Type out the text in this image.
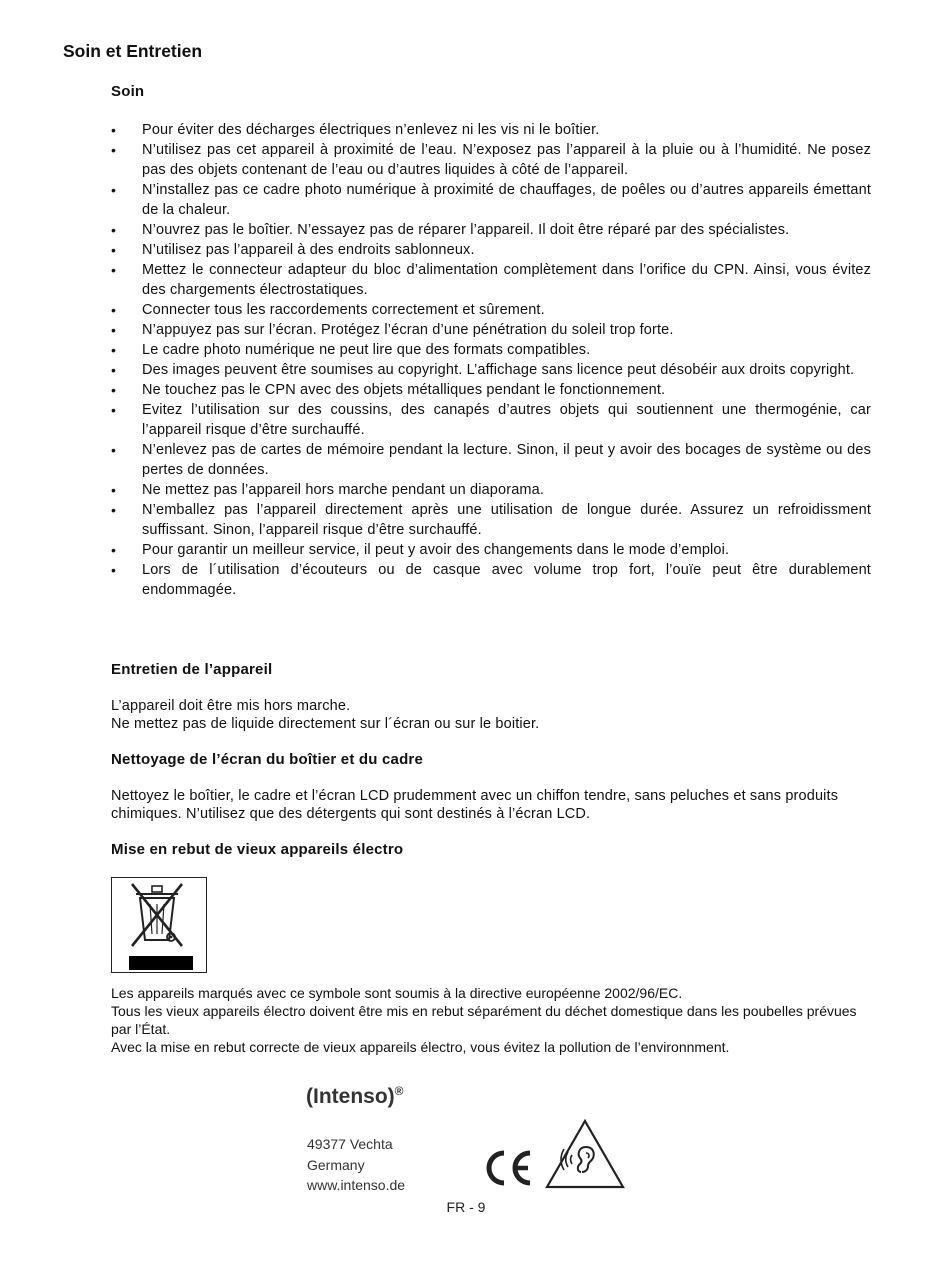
Soin et Entretien
Soin
• Pour éviter des décharges électriques n’enlevez ni les vis ni le boîtier.
• N’utilisez pas cet appareil à proximité de l’eau. N’exposez pas l’appareil à la pluie ou à l’humidité. Ne posez pas des objets contenant de l’eau ou d’autres liquides à côté de l’appareil.
• N’installez pas ce cadre photo numérique à proximité de chauffages, de poêles ou d’autres appareils émettant de la chaleur.
• N’ouvrez pas le boîtier. N’essayez pas de réparer l’appareil. Il doit être réparé par des spécialistes.
• N’utilisez pas l’appareil à des endroits sablonneux.
• Mettez le connecteur adapteur du bloc d’alimentation complètement dans l’orifice du CPN. Ainsi, vous évitez des chargements électrostatiques.
• Connecter tous les raccordements correctement et sûrement.
• N’appuyez pas sur l’écran. Protégez l’écran d’une pénétration du soleil trop forte.
• Le cadre photo numérique ne peut lire que des formats compatibles.
• Des images peuvent être soumises au copyright. L’affichage sans licence peut désobéir aux droits copyright.
• Ne touchez pas le CPN avec des objets métalliques pendant le fonctionnement.
• Evitez l’utilisation sur des coussins, des canapés d’autres objets qui soutiennent une thermogénie, car l’appareil risque d’être surchauffé.
• N’enlevez pas de cartes de mémoire pendant la lecture. Sinon, il peut y avoir des bocages de système ou des pertes de données.
• Ne mettez pas l’appareil hors marche pendant un diaporama.
• N’emballez pas l’appareil directement après une utilisation de longue durée. Assurez un refroidissment suffissant. Sinon, l’appareil risque d’être surchauffé.
• Pour garantir un meilleur service, il peut y avoir des changements dans le mode d’emploi.
• Lors de l´utilisation d’écouteurs ou de casque avec volume trop fort, l’ouïe peut être durablement endommagée.
Entretien de l’appareil

L’appareil doit être mis hors marche.

Ne mettez pas de liquide directement sur l´écran ou sur le boitier.

Nettoyage de l’écran du boîtier et du cadre

Nettoyez le boîtier, le cadre et l’écran LCD prudemment avec un chiffon tendre, sans peluches et sans produits chimiques. N’utilisez que des détergents qui sont destinés à l’écran LCD.

Mise en rebut de vieux appareils électro

Les appareils marqués avec ce symbole sont soumis à la directive européenne 2002/96/EC.

Tous les vieux appareils électro doivent être mis en rebut séparément du déchet domestique dans les poubelles prévues par l’État.

Avec la mise en rebut correcte de vieux appareils électro, vous évitez la pollution de l’environnment.

(Intenso)®
49377 Vechta
Germany
www.intenso.de
FR - 9
